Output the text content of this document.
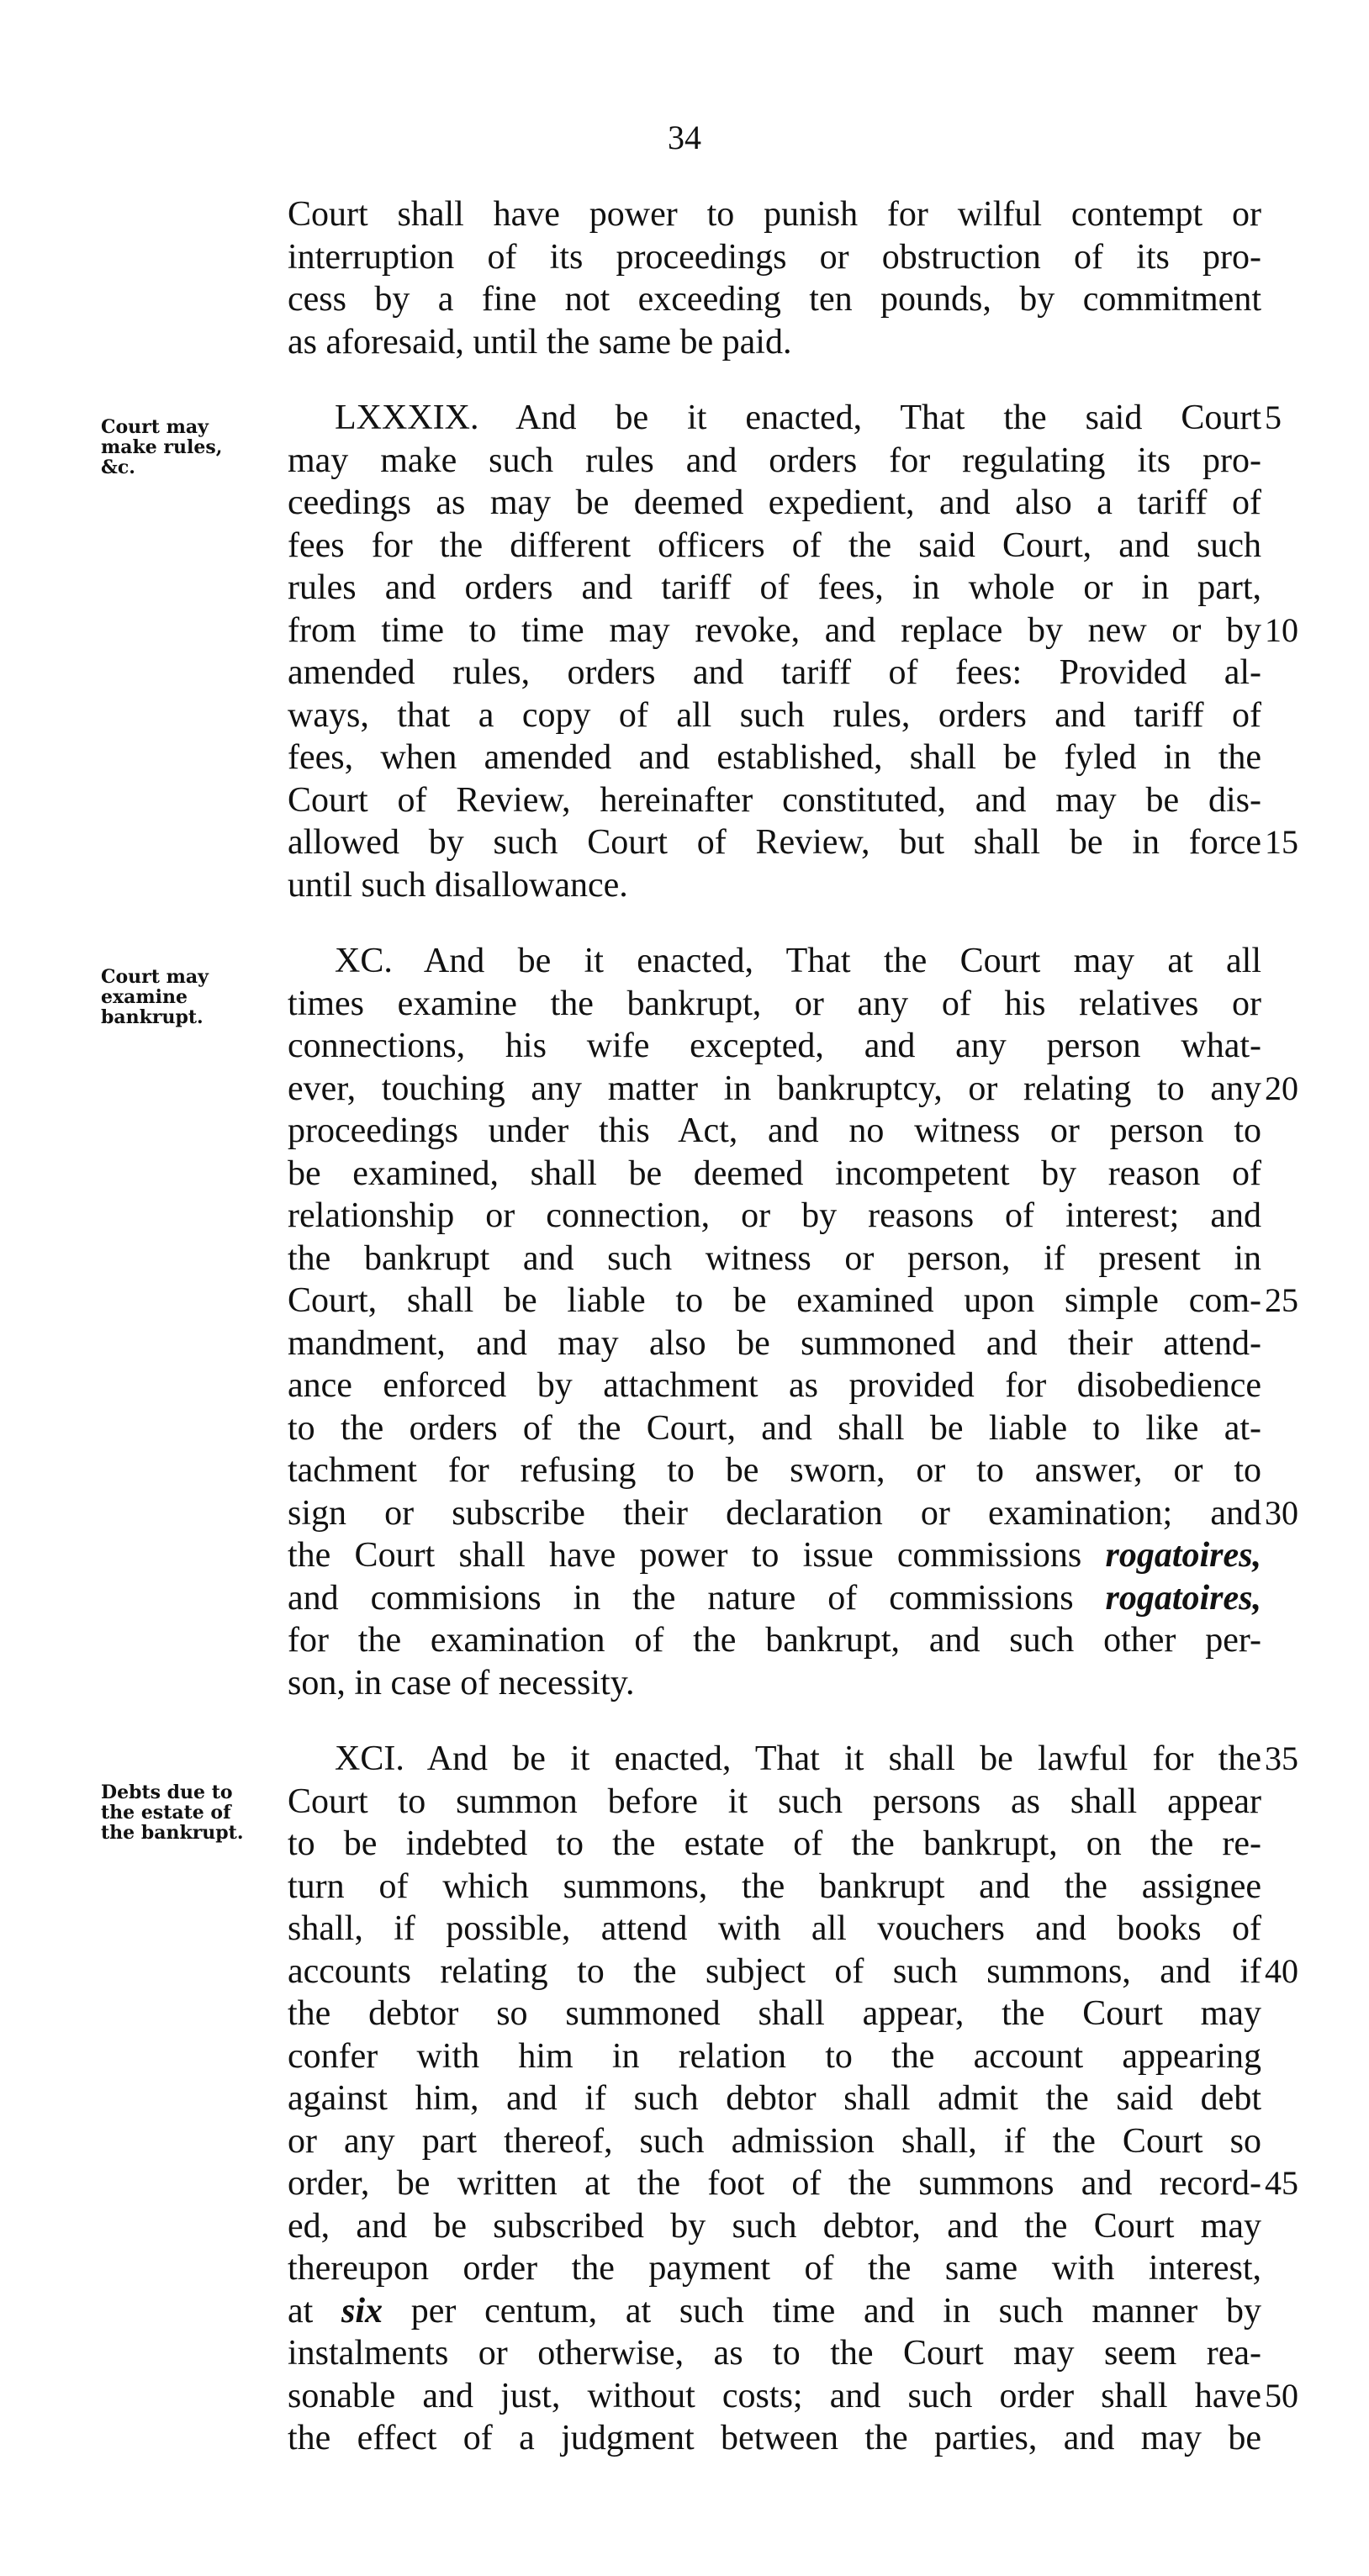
34
Court may
make rules,
&c.
Court may
examine
bankrupt.
Debts due to
the estate of
the bankrupt.
Court shall have power to punish for wilful contempt or
interruption of its proceedings or obstruction of its pro-
cess by a fine not exceeding ten pounds, by commitment
as aforesaid, until the same be paid.
LXXXIX. And be it enacted, That the said Court 5
may make such rules and orders for regulating its pro-
ceedings as may be deemed expedient, and also a tariff of
fees for the different officers of the said Court, and such
rules and orders and tariff of fees, in whole or in part,
from time to time may revoke, and replace by new or by 10
amended rules, orders and tariff of fees: Provided al-
ways, that a copy of all such rules, orders and tariff of
fees, when amended and established, shall be fyled in the
Court of Review, hereinafter constituted, and may be dis-
allowed by such Court of Review, but shall be in force 15
until such disallowance.
XC. And be it enacted, That the Court may at all
times examine the bankrupt, or any of his relatives or
connections, his wife excepted, and any person what-
ever, touching any matter in bankruptcy, or relating to any 20
proceedings under this Act, and no witness or person to
be examined, shall be deemed incompetent by reason of
relationship or connection, or by reasons of interest; and
the bankrupt and such witness or person, if present in
Court, shall be liable to be examined upon simple com- 25
mandment, and may also be summoned and their attend-
ance enforced by attachment as provided for disobedience
to the orders of the Court, and shall be liable to like at-
tachment for refusing to be sworn, or to answer, or to
sign or subscribe their declaration or examination; and 30
the Court shall have power to issue commissions rogatoires,
and commisions in the nature of commissions rogatoires,
for the examination of the bankrupt, and such other per-
son, in case of necessity.
XCI. And be it enacted, That it shall be lawful for the 35
Court to summon before it such persons as shall appear
to be indebted to the estate of the bankrupt, on the re-
turn of which summons, the bankrupt and the assignee
shall, if possible, attend with all vouchers and books of
accounts relating to the subject of such summons, and if 40
the debtor so summoned shall appear, the Court may
confer with him in relation to the account appearing
against him, and if such debtor shall admit the said debt
or any part thereof, such admission shall, if the Court so
order, be written at the foot of the summons and record- 45
ed, and be subscribed by such debtor, and the Court may
thereupon order the payment of the same with interest,
at six per centum, at such time and in such manner by
instalments or otherwise, as to the Court may seem rea-
sonable and just, without costs; and such order shall have 50
the effect of a judgment between the parties, and may be
